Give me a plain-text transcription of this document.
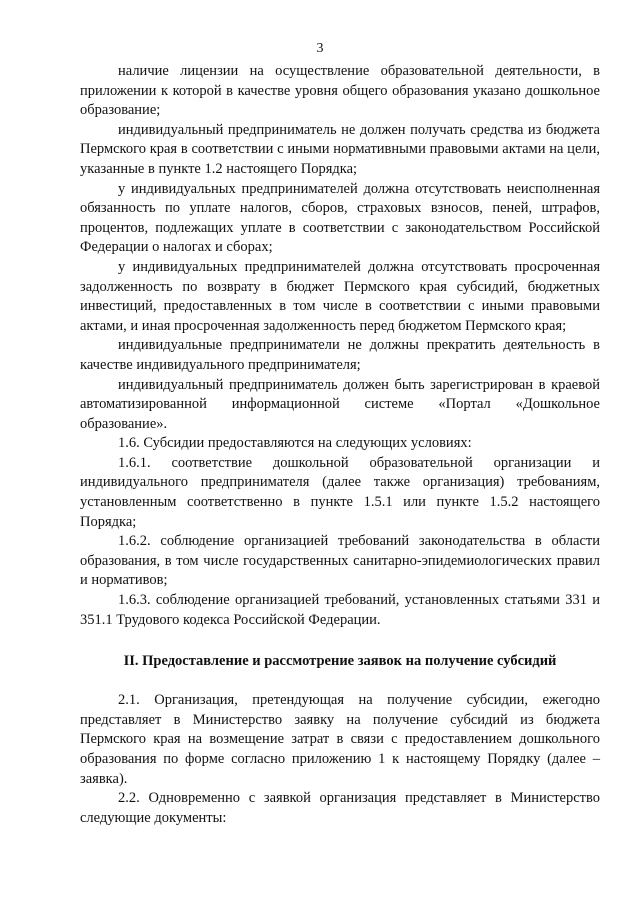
3

наличие лицензии на осуществление образовательной деятельности, в приложении к которой в качестве уровня общего образования указано дошкольное образование;

индивидуальный предприниматель не должен получать средства из бюджета Пермского края в соответствии с иными нормативными правовыми актами на цели, указанные в пункте 1.2 настоящего Порядка;

у индивидуальных предпринимателей должна отсутствовать неисполненная обязанность по уплате налогов, сборов, страховых взносов, пеней, штрафов, процентов, подлежащих уплате в соответствии с законодательством Российской Федерации о налогах и сборах;

у индивидуальных предпринимателей должна отсутствовать просроченная задолженность по возврату в бюджет Пермского края субсидий, бюджетных инвестиций, предоставленных в том числе в соответствии с иными правовыми актами, и иная просроченная задолженность перед бюджетом Пермского края;

индивидуальные предприниматели не должны прекратить деятельность в качестве индивидуального предпринимателя;

индивидуальный предприниматель должен быть зарегистрирован в краевой автоматизированной информационной системе «Портал «Дошкольное образование».

1.6. Субсидии предоставляются на следующих условиях:

1.6.1. соответствие дошкольной образовательной организации и индивидуального предпринимателя (далее также организация) требованиям, установленным соответственно в пункте 1.5.1 или пункте 1.5.2 настоящего Порядка;

1.6.2. соблюдение организацией требований законодательства в области образования, в том числе государственных санитарно-эпидемиологических правил и нормативов;

1.6.3. соблюдение организацией требований, установленных статьями 331 и 351.1 Трудового кодекса Российской Федерации.

II. Предоставление и рассмотрение заявок на получение субсидий

2.1. Организация, претендующая на получение субсидии, ежегодно представляет в Министерство заявку на получение субсидий из бюджета Пермского края на возмещение затрат в связи с предоставлением дошкольного образования по форме согласно приложению 1 к настоящему Порядку (далее – заявка).

2.2. Одновременно с заявкой организация представляет в Министерство следующие документы:
